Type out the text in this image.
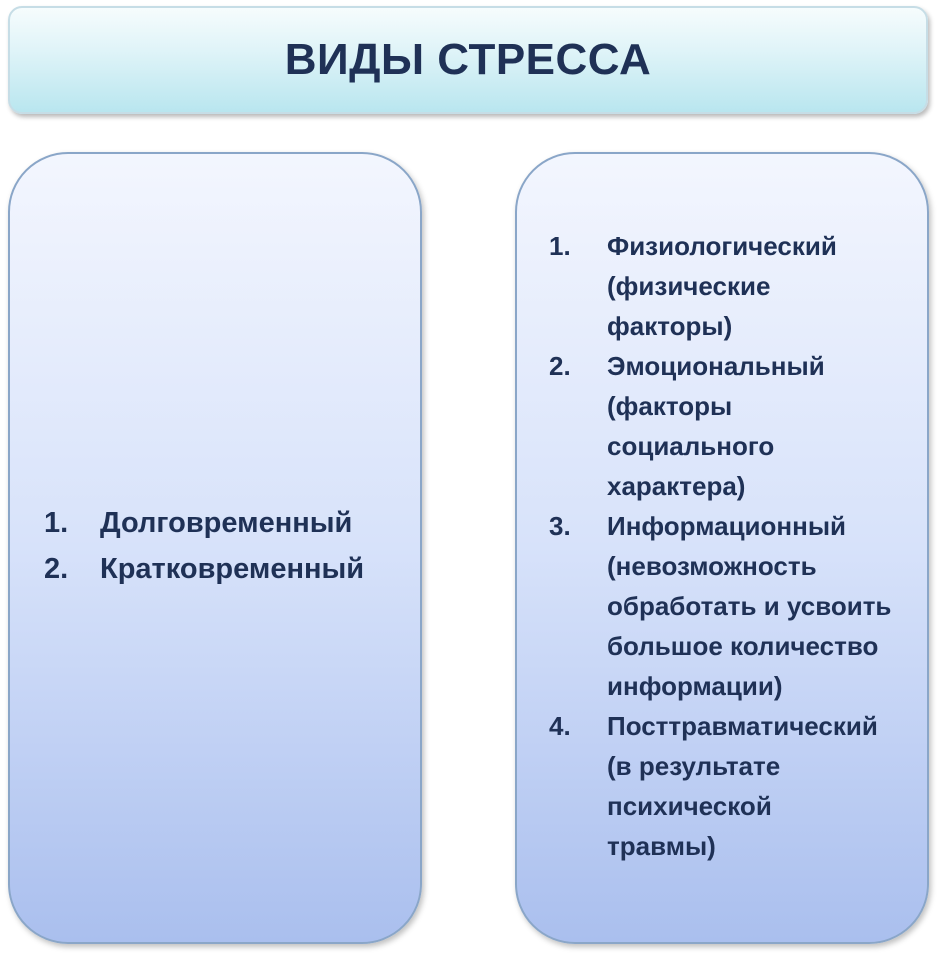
ВИДЫ СТРЕССА
1.	Долговременный
2.	Кратковременный
1.	Физиологический
(физические
факторы)
2.	Эмоциональный
(факторы
социального
характера)
3.	Информационный
(невозможность
обработать и усвоить
большое количество
информации)
4.	Посттравматический
(в результате
психической
травмы)
